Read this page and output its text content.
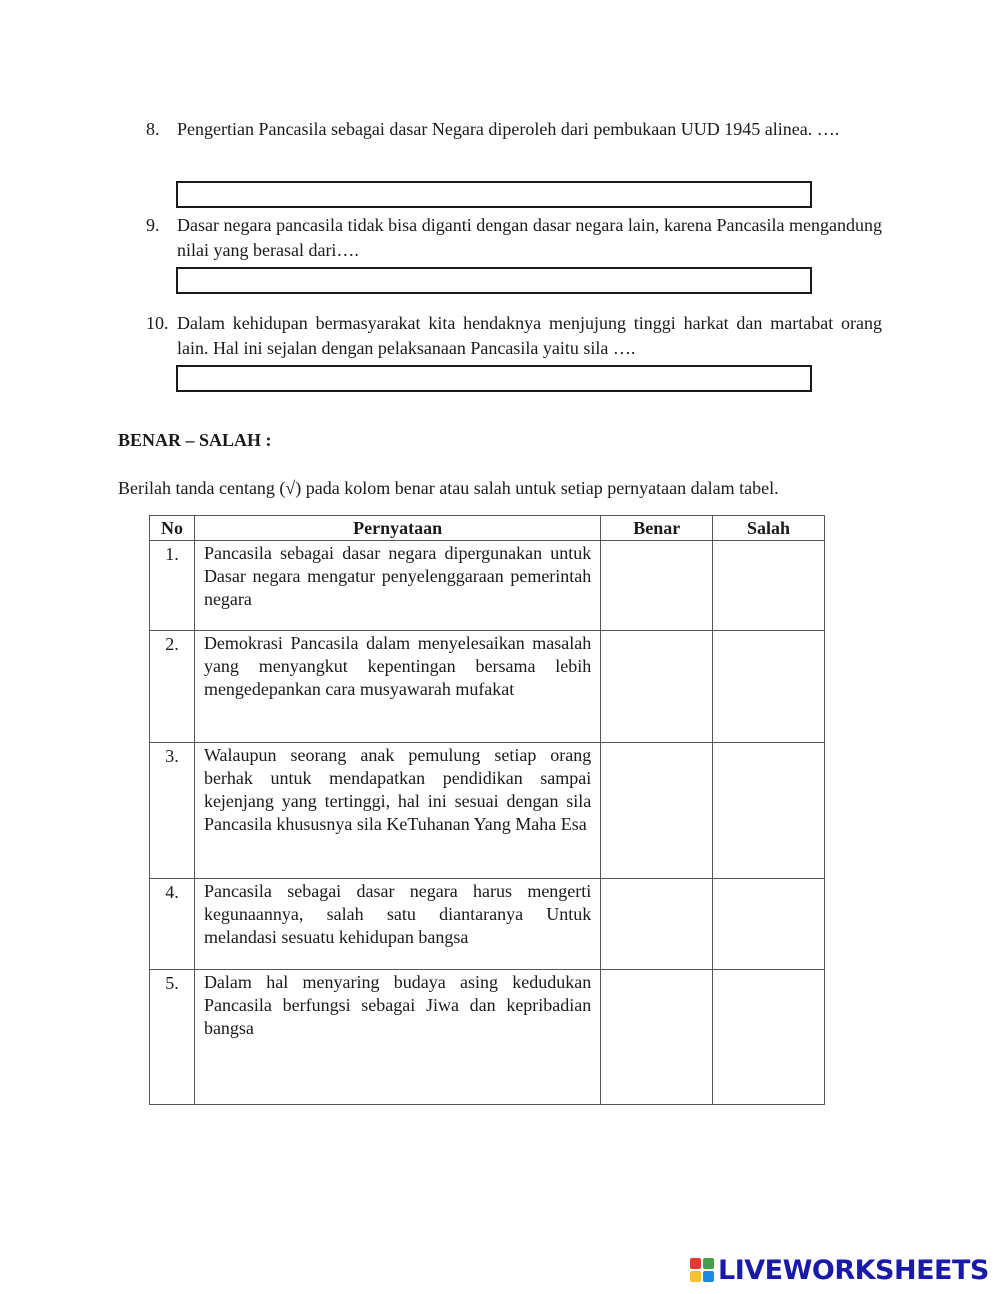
8. Pengertian Pancasila sebagai dasar Negara diperoleh dari pembukaan UUD 1945 alinea. ….
9. Dasar negara pancasila tidak bisa diganti dengan dasar negara lain, karena Pancasila mengandung nilai yang berasal dari….
10. Dalam kehidupan bermasyarakat kita hendaknya menjujung tinggi harkat dan martabat orang lain. Hal ini sejalan dengan pelaksanaan Pancasila yaitu sila ….
BENAR – SALAH :
Berilah tanda centang (√) pada kolom benar atau salah untuk setiap pernyataan dalam tabel.
No	Pernyataan	Benar	Salah
1.	Pancasila sebagai dasar negara dipergunakan untuk Dasar negara mengatur penyelenggaraan pemerintah negara		
2.	Demokrasi Pancasila dalam menyelesaikan masalah yang menyangkut kepentingan bersama lebih mengedepankan cara musyawarah mufakat		
3.	Walaupun seorang anak pemulung setiap orang berhak untuk mendapatkan pendidikan sampai kejenjang yang tertinggi, hal ini sesuai dengan sila Pancasila khususnya sila KeTuhanan Yang Maha Esa		
4.	Pancasila sebagai dasar negara harus mengerti kegunaannya, salah satu diantaranya Untuk melandasi sesuatu kehidupan bangsa		
5.	Dalam hal menyaring budaya asing kedudukan Pancasila berfungsi sebagai Jiwa dan kepribadian bangsa		
LIVEWORKSHEETS
